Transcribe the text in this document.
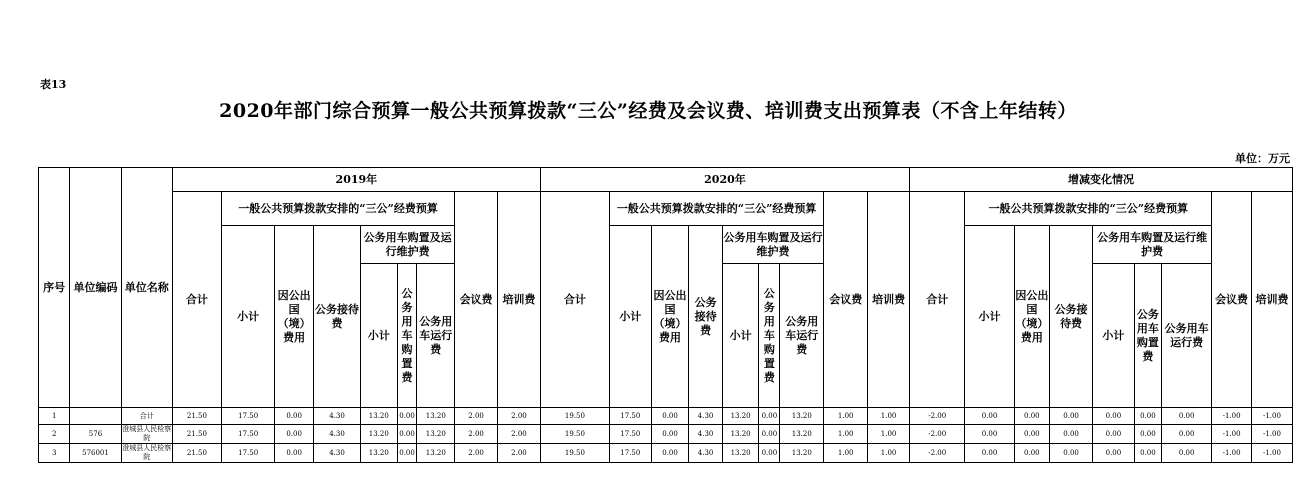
表13
2020年部门综合预算一般公共预算拨款“三公”经费及会议费、培训费支出预算表（不含上年结转）
单位：万元
序号	单位编码	单位名称	2019年									2020年									增减变化情况								
			合计	一般公共预算拨款安排的“三公”经费预算						会议费	培训费	合计	一般公共预算拨款安排的“三公”经费预算						会议费	培训费	合计	一般公共预算拨款安排的“三公”经费预算						会议费	培训费
				小计	因公出国（境）费用	公务接待费	公务用车购置及运行维护费						小计	因公出国（境）费用	公务接待费	公务用车购置及运行维护费						小计	因公出国（境）费用	公务接待费	公务用车购置及运行维护费				
							小计	公务用车购置费	公务用车运行费							小计	公务用车购置费	公务用车运行费							小计	公务用车购置费	公务用车运行费		

1		合计	21.50	17.50	0.00	4.30	13.20	0.00	13.20	2.00	2.00	19.50	17.50	0.00	4.30	13.20	0.00	13.20	1.00	1.00	-2.00	0.00	0.00	0.00	0.00	0.00	0.00	-1.00	-1.00
2	576	澄城县人民检察院	21.50	17.50	0.00	4.30	13.20	0.00	13.20	2.00	2.00	19.50	17.50	0.00	4.30	13.20	0.00	13.20	1.00	1.00	-2.00	0.00	0.00	0.00	0.00	0.00	0.00	-1.00	-1.00
3	576001	澄城县人民检察院	21.50	17.50	0.00	4.30	13.20	0.00	13.20	2.00	2.00	19.50	17.50	0.00	4.30	13.20	0.00	13.20	1.00	1.00	-2.00	0.00	0.00	0.00	0.00	0.00	0.00	-1.00	-1.00
